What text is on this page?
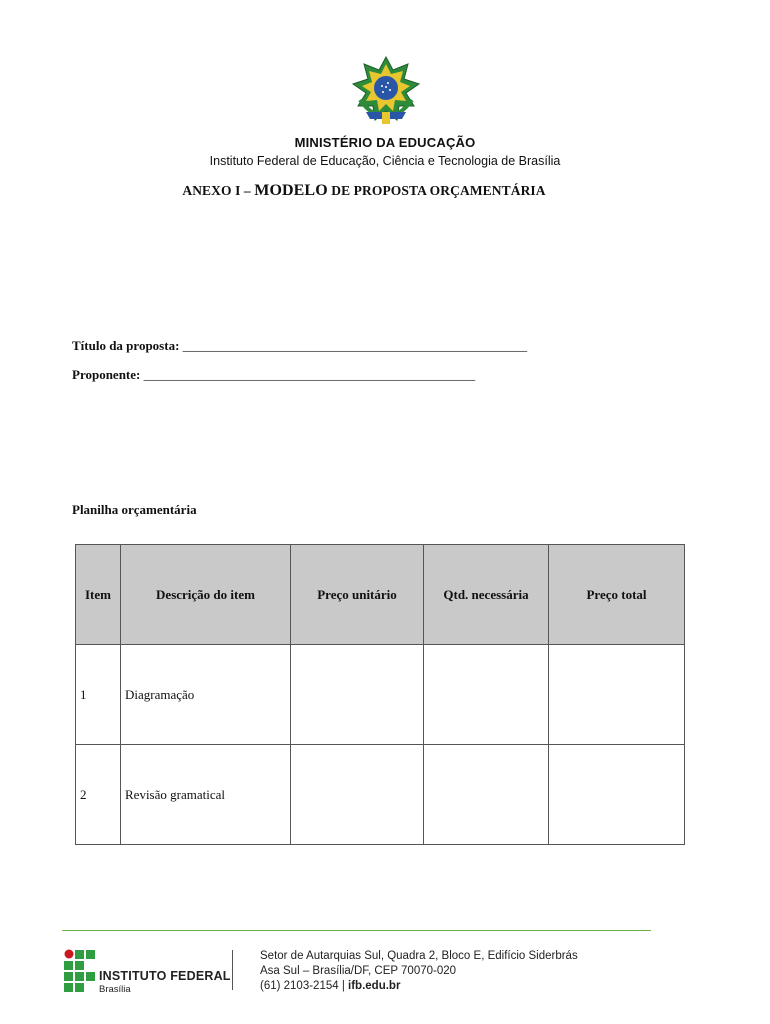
MINISTÉRIO DA EDUCAÇÃO
Instituto Federal de Educação, Ciência e Tecnologia de Brasília
ANEXO I – MODELO DE PROPOSTA ORÇAMENTÁRIA
Título da proposta: _____________________________________________________
Proponente: ___________________________________________________
Planilha orçamentária
Item	Descrição do item	Preço unitário	Qtd. necessária	Preço total
1	Diagramação			
2	Revisão gramatical			
INSTITUTO FEDERAL
Brasília
Setor de Autarquias Sul, Quadra 2, Bloco E, Edifício Siderbrás
Asa Sul – Brasília/DF, CEP 70070-020
(61) 2103-2154 | ifb.edu.br
